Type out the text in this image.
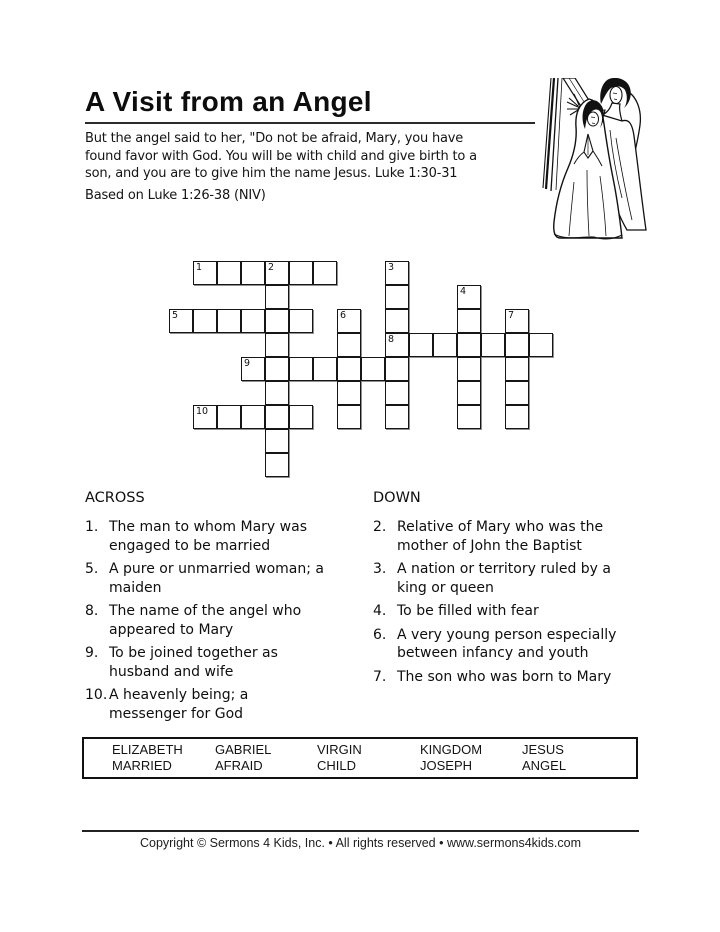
A Visit from an Angel
But the angel said to her, "Do not be afraid, Mary, you have
found favor with God. You will be with child and give birth to a
son, and you are to give him the name Jesus. Luke 1:30-31
Based on Luke 1:26-38 (NIV)
1	2	3
4
5	6	7
8
9
10
ACROSS
1. The man to whom Mary was
engaged to be married
5. A pure or unmarried woman; a
maiden
8. The name of the angel who
appeared to Mary
9. To be joined together as
husband and wife
10. A heavenly being; a
messenger for God
DOWN
2. Relative of Mary who was the
mother of John the Baptist
3. A nation or territory ruled by a
king or queen
4. To be filled with fear
6. A very young person especially
between infancy and youth
7. The son who was born to Mary
ELIZABETH	GABRIEL	VIRGIN	KINGDOM	JESUS
MARRIED	AFRAID	CHILD	JOSEPH	ANGEL
Copyright © Sermons 4 Kids, Inc. • All rights reserved • www.sermons4kids.com
